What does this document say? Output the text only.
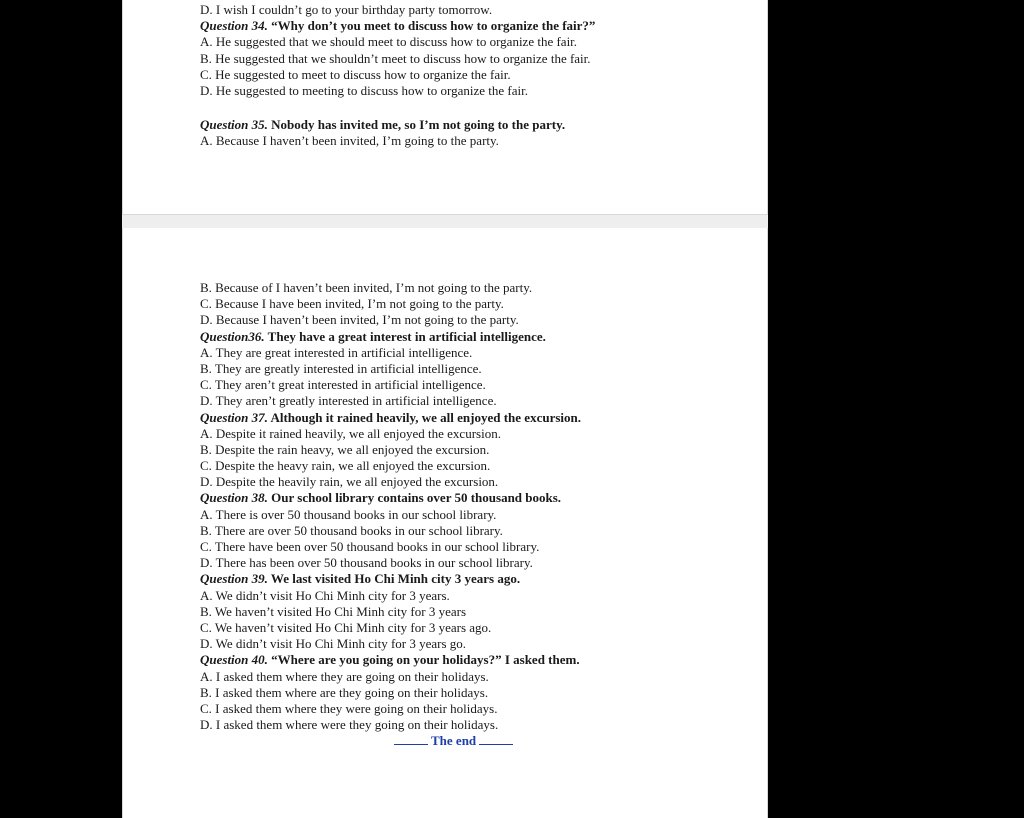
D. I wish I couldn’t go to your birthday party tomorrow.
Question 34. “Why don’t you meet to discuss how to organize the fair?”
A. He suggested that we should meet to discuss how to organize the fair.
B. He suggested that we shouldn’t meet to discuss how to organize the fair.
C. He suggested to meet to discuss how to organize the fair.
D. He suggested to meeting to discuss how to organize the fair.
Question 35. Nobody has invited me, so I’m not going to the party.
A. Because I haven’t been invited, I’m going to the party.
B. Because of I haven’t been invited, I’m not going to the party.
C. Because I have been invited, I’m not going to the party.
D. Because I haven’t been invited, I’m not going to the party.
Question36. They have a great interest in artificial intelligence.
A. They are great interested in artificial intelligence.
B. They are greatly interested in artificial intelligence.
C. They aren’t great interested in artificial intelligence.
D. They aren’t greatly interested in artificial intelligence.
Question 37. Although it rained heavily, we all enjoyed the excursion.
A. Despite it rained heavily, we all enjoyed the excursion.
B. Despite the rain heavy, we all enjoyed the excursion.
C. Despite the heavy rain, we all enjoyed the excursion.
D. Despite the heavily rain, we all enjoyed the excursion.
Question 38. Our school library contains over 50 thousand books.
A. There is over 50 thousand books in our school library.
B. There are over 50 thousand books in our school library.
C. There have been over 50 thousand books in our school library.
D. There has been over 50 thousand books in our school library.
Question 39. We last visited Ho Chi Minh city 3 years ago.
A. We didn’t visit Ho Chi Minh city for 3 years.
B. We haven’t visited Ho Chi Minh city for 3 years
C. We haven’t visited Ho Chi Minh city for 3 years ago.
D. We didn’t visit Ho Chi Minh city for 3 years go.
Question 40. “Where are you going on your holidays?” I asked them.
A. I asked them where they are going on their holidays.
B. I asked them where are they going on their holidays.
C. I asked them where they were going on their holidays.
D. I asked them where were they going on their holidays.
The end
